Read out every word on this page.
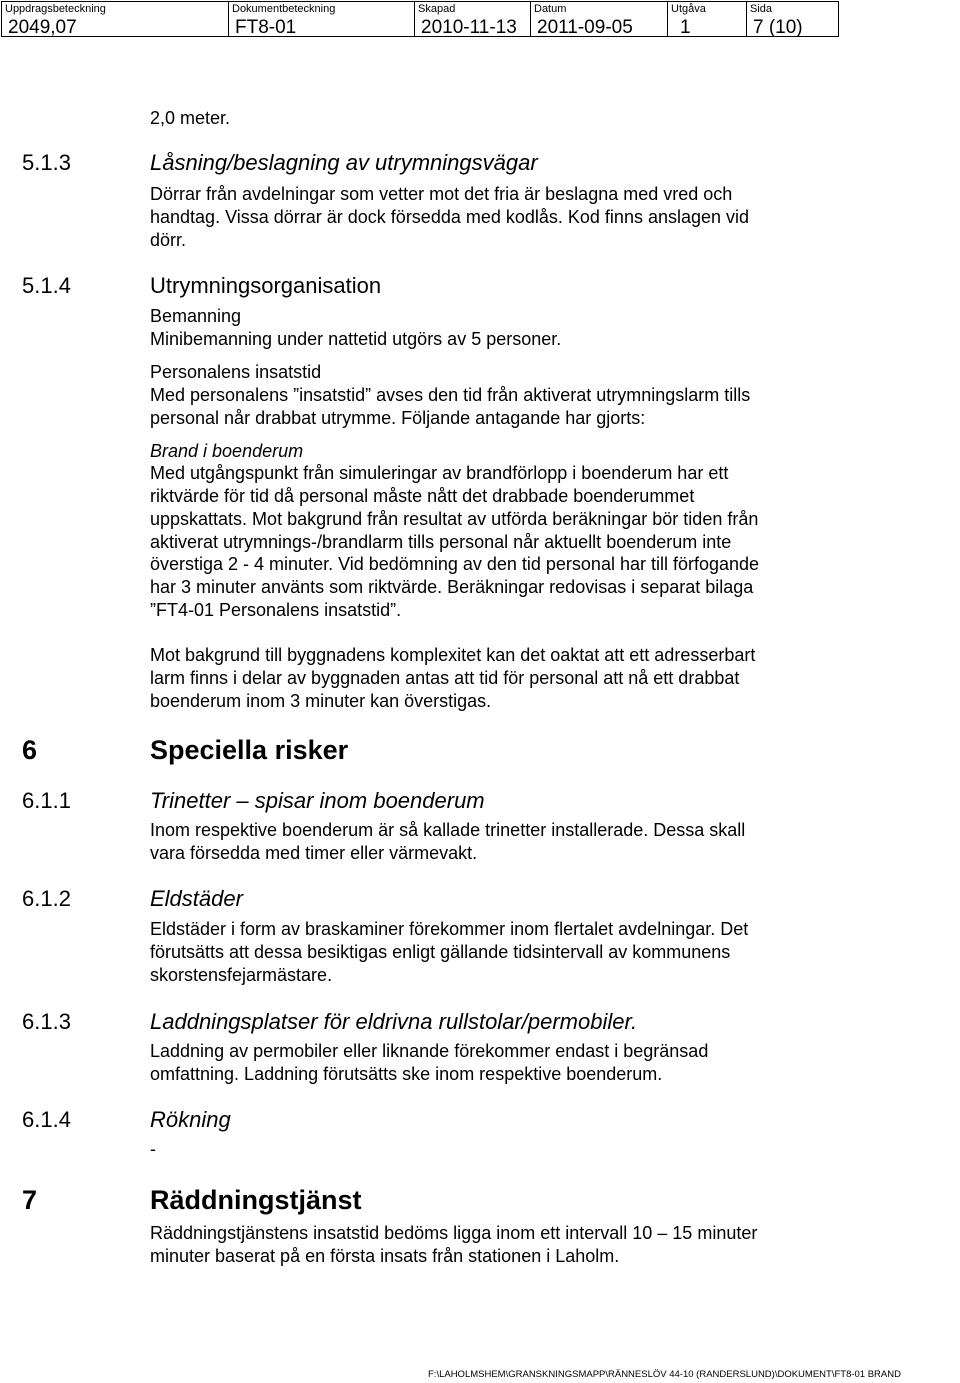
Uppdragsbeteckning
2049,07
Dokumentbeteckning
FT8-01
Skapad
2010-11-13
Datum
2011-09-05
Utgåva
1
Sida
7 (10)

2,0 meter.

5.1.3	Låsning/beslagning av utrymningsvägar

Dörrar från avdelningar som vetter mot det fria är beslagna med vred och

handtag. Vissa dörrar är dock försedda med kodlås. Kod finns anslagen vid

dörr.

5.1.4	Utrymningsorganisation
Bemanning

Minibemanning under nattetid utgörs av 5 personer.

Personalens insatstid

Med personalens ”insatstid” avses den tid från aktiverat utrymningslarm tills

personal når drabbat utrymme. Följande antagande har gjorts:

Brand i boenderum

Med utgångspunkt från simuleringar av brandförlopp i boenderum har ett

riktvärde för tid då personal måste nått det drabbade boenderummet

uppskattats. Mot bakgrund från resultat av utförda beräkningar bör tiden från

aktiverat utrymnings-/brandlarm tills personal når aktuellt boenderum inte

överstiga 2 - 4 minuter. Vid bedömning av den tid personal har till förfogande

har 3 minuter använts som riktvärde. Beräkningar redovisas i separat bilaga

”FT4-01 Personalens insatstid”.

Mot bakgrund till byggnadens komplexitet kan det oaktat att ett adresserbart

larm finns i delar av byggnaden antas att tid för personal att nå ett drabbat

boenderum inom 3 minuter kan överstigas.

6	Speciella risker
6.1.1	Trinetter – spisar inom boenderum

Inom respektive boenderum är så kallade trinetter installerade. Dessa skall

vara försedda med timer eller värmevakt.

6.1.2	Eldstäder

Eldstäder i form av braskaminer förekommer inom flertalet avdelningar. Det

förutsätts att dessa besiktigas enligt gällande tidsintervall av kommunens

skorstensfejarmästare.

6.1.3	Laddningsplatser för eldrivna rullstolar/permobiler.

Laddning av permobiler eller liknande förekommer endast i begränsad

omfattning. Laddning förutsätts ske inom respektive boenderum.

6.1.4	Rökning

-

7	Räddningstjänst

Räddningstjänstens insatstid bedöms ligga inom ett intervall 10 – 15 minuter

minuter baserat på en första insats från stationen i Laholm.

F:\LAHOLMSHEM\GRANSKNINGSMAPP\RÄNNESLÖV 44-10 (RANDERSLUND)\DOKUMENT\FT8-01 BRAND
